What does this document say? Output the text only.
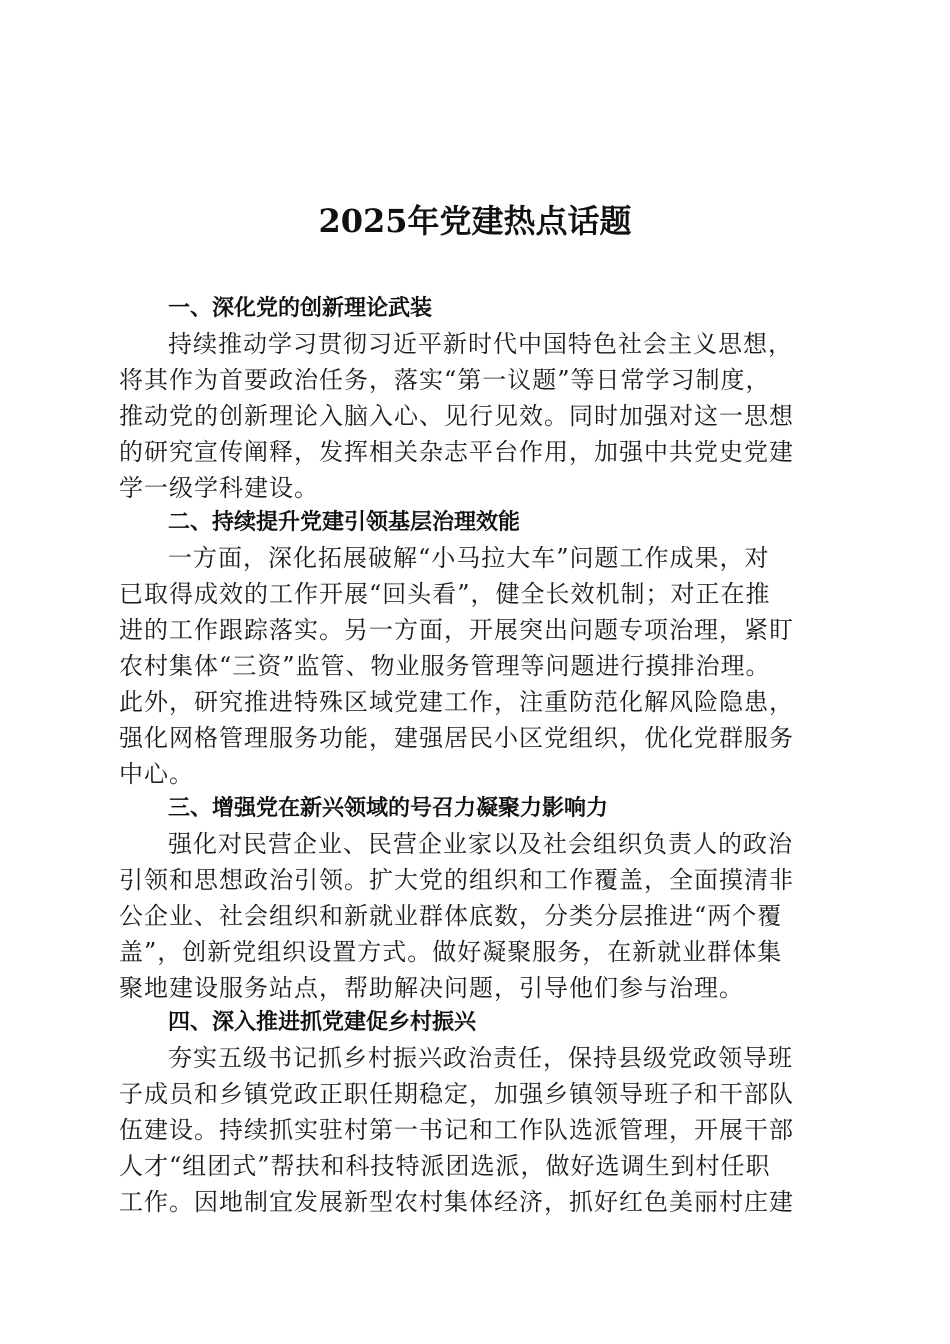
2025年党建热点话题
一、深化党的创新理论武装
持续推动学习贯彻习近平新时代中国特色社会主义思想，
将其作为首要政治任务，落实“第一议题”等日常学习制度，
推动党的创新理论入脑入心、见行见效。同时加强对这一思想
的研究宣传阐释，发挥相关杂志平台作用，加强中共党史党建
学一级学科建设。
二、持续提升党建引领基层治理效能
一方面，深化拓展破解“小马拉大车”问题工作成果，对
已取得成效的工作开展“回头看”，健全长效机制；对正在推
进的工作跟踪落实。另一方面，开展突出问题专项治理，紧盯
农村集体“三资”监管、物业服务管理等问题进行摸排治理。
此外，研究推进特殊区域党建工作，注重防范化解风险隐患，
强化网格管理服务功能，建强居民小区党组织，优化党群服务
中心。
三、增强党在新兴领域的号召力凝聚力影响力
强化对民营企业、民营企业家以及社会组织负责人的政治
引领和思想政治引领。扩大党的组织和工作覆盖，全面摸清非
公企业、社会组织和新就业群体底数，分类分层推进“两个覆
盖”，创新党组织设置方式。做好凝聚服务，在新就业群体集
聚地建设服务站点，帮助解决问题，引导他们参与治理。
四、深入推进抓党建促乡村振兴
夯实五级书记抓乡村振兴政治责任，保持县级党政领导班
子成员和乡镇党政正职任期稳定，加强乡镇领导班子和干部队
伍建设。持续抓实驻村第一书记和工作队选派管理，开展干部
人才“组团式”帮扶和科技特派团选派，做好选调生到村任职
工作。因地制宜发展新型农村集体经济，抓好红色美丽村庄建
